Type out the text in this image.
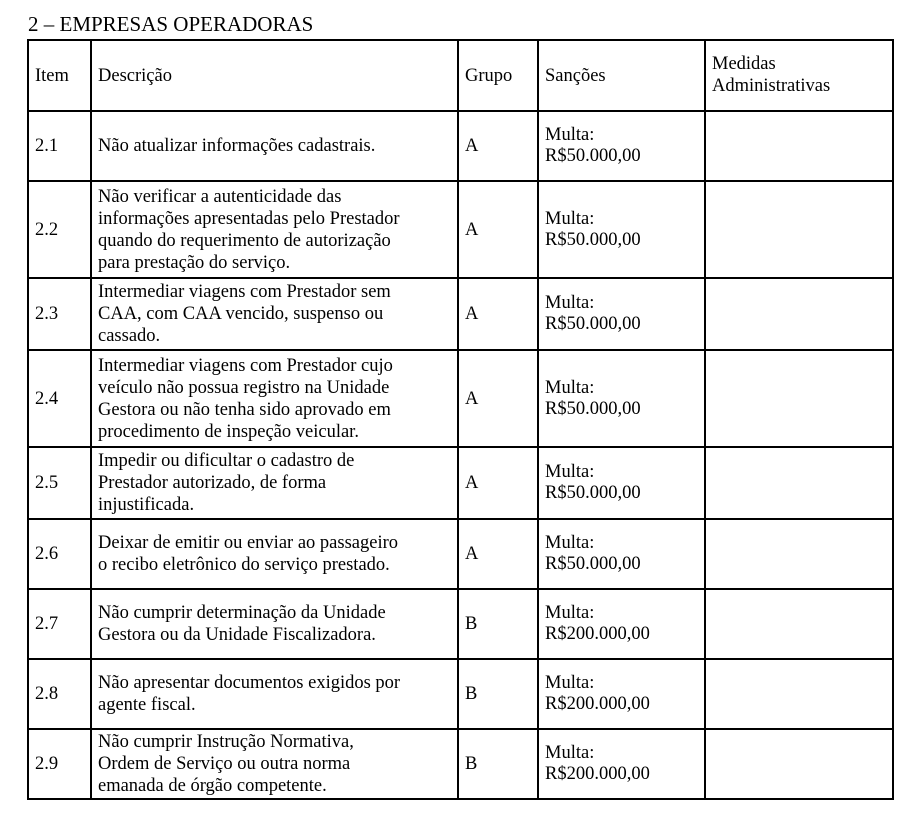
2 – EMPRESAS OPERADORAS
Item	Descrição	Grupo	Sanções	Medidas
Administrativas

2.1	Não atualizar informações cadastrais.	A	Multa:
R$50.000,00	

2.2	Não verificar a autenticidade das
informações apresentadas pelo Prestador
quando do requerimento de autorização
para prestação do serviço.	A	Multa:
R$50.000,00	

2.3	Intermediar viagens com Prestador sem
CAA, com CAA vencido, suspenso ou
cassado.	A	Multa:
R$50.000,00	

2.4	Intermediar viagens com Prestador cujo
veículo não possua registro na Unidade
Gestora ou não tenha sido aprovado em
procedimento de inspeção veicular.	A	Multa:
R$50.000,00	

2.5	Impedir ou dificultar o cadastro de
Prestador autorizado, de forma
injustificada.	A	Multa:
R$50.000,00	

2.6	Deixar de emitir ou enviar ao passageiro
o recibo eletrônico do serviço prestado.	A	Multa:
R$50.000,00	

2.7	Não cumprir determinação da Unidade
Gestora ou da Unidade Fiscalizadora.	B	Multa:
R$200.000,00	

2.8	Não apresentar documentos exigidos por
agente fiscal.	B	Multa:
R$200.000,00	

2.9	Não cumprir Instrução Normativa,
Ordem de Serviço ou outra norma
emanada de órgão competente.	B	Multa:
R$200.000,00	
